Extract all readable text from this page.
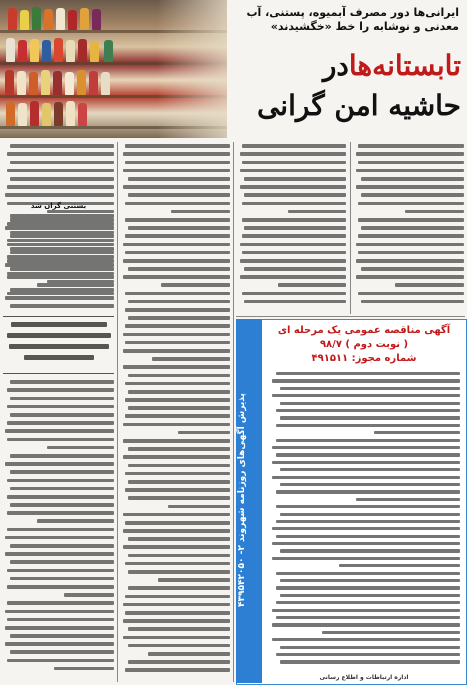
ایرانی‌ها دور مصرف آبمیوه، پستنی، آب معدنی و نوشابه را خط «خگشیدند»
تابستانه‌هادر
حاشیه امن گرانی
بستنی گران شد
پذیرش آگهی‌های روزنامه شهروند ۲- ۴۳۹۵۴۲۰۵۰
آگهی مناقصه عمومی یک مرحله ای
( نوبت دوم ) ۹۸/۷
شماره مجوز: ۴۹۱۵۱۱
اداره ارتباطات و اطلاع رسانی
